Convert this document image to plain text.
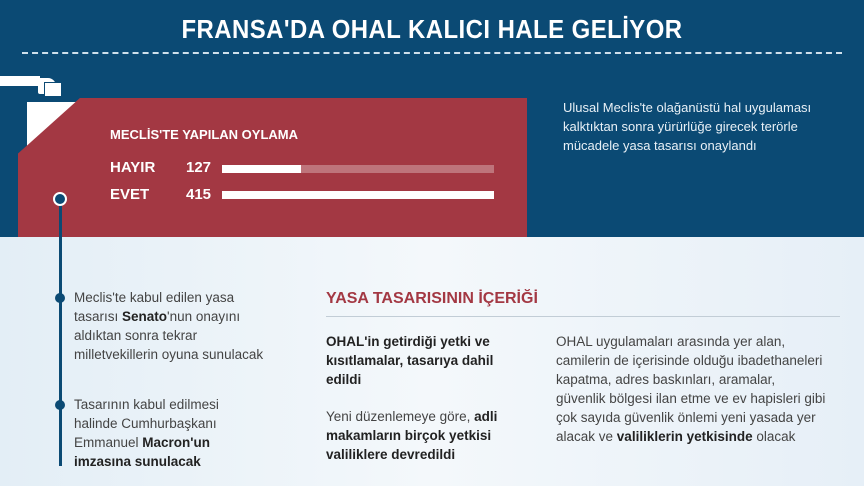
FRANSA'DA OHAL KALICI HALE GELİYOR
MECLİS'TE YAPILAN OYLAMA
HAYIR 127
EVET 415
Ulusal Meclis'te olağanüstü hal uygulaması kalktıktan sonra yürürlüğe girecek terörle mücadele yasa tasarısı onaylandı
Meclis'te kabul edilen yasa tasarısı Senato'nun onayını aldıktan sonra tekrar milletvekillerin oyuna sunulacak
Tasarının kabul edilmesi halinde Cumhurbaşkanı Emmanuel Macron'un imzasına sunulacak
YASA TASARISININ İÇERİĞİ
OHAL'in getirdiği yetki ve kısıtlamalar, tasarıya dahil edildi
Yeni düzenlemeye göre, adli makamların birçok yetkisi valiliklere devredildi
OHAL uygulamaları arasında yer alan, camilerin de içerisinde olduğu ibadethaneleri kapatma, adres baskınları, aramalar, güvenlik bölgesi ilan etme ve ev hapisleri gibi çok sayıda güvenlik önlemi yeni yasada yer alacak ve valiliklerin yetkisinde olacak
